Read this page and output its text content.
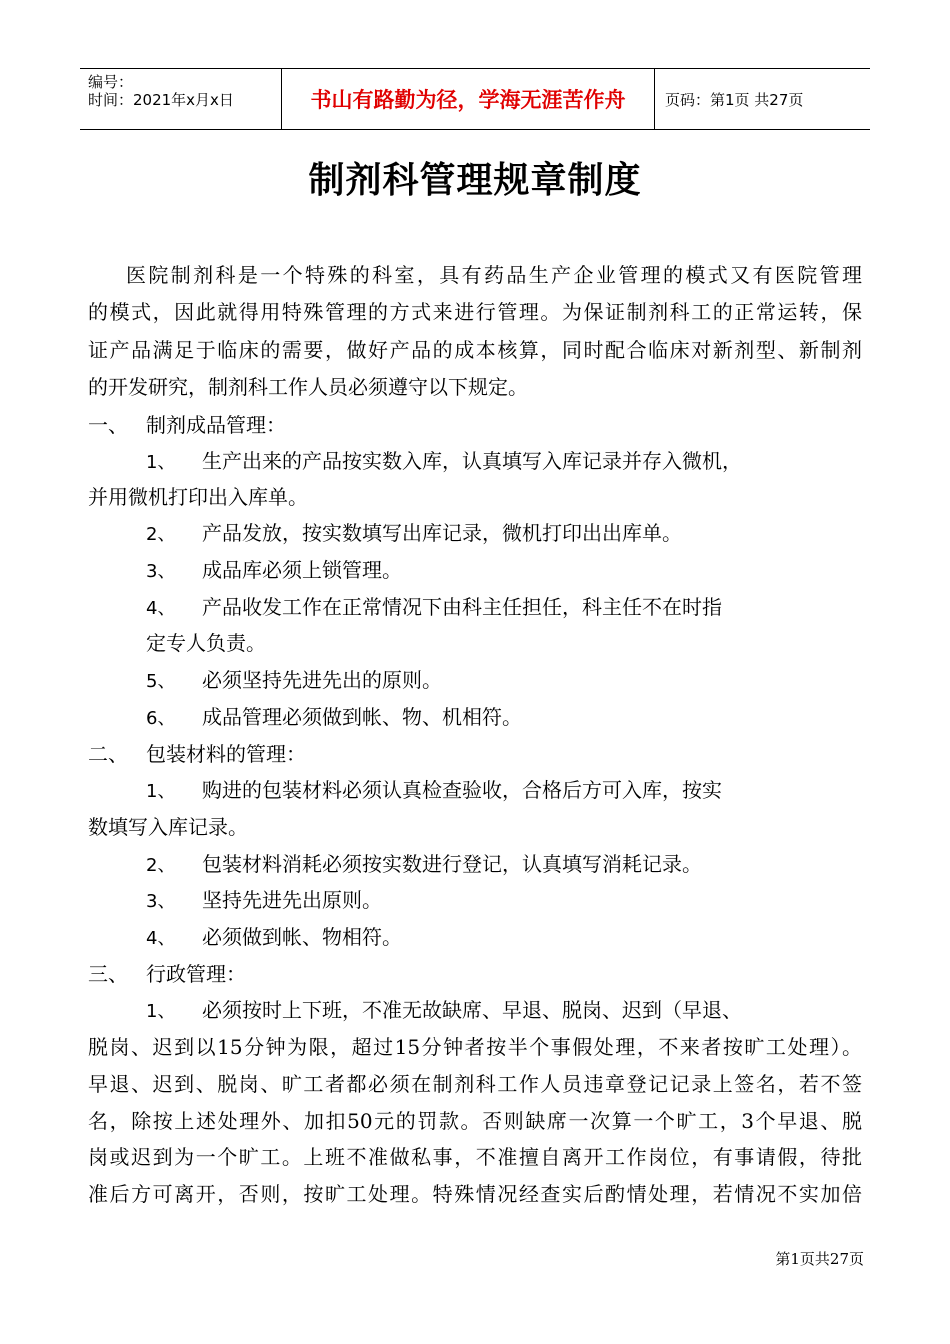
编号：
时间：2021年x月x日	书山有路勤为径，学海无涯苦作舟	页码：第1页 共27页
制剂科管理规章制度
医院制剂科是一个特殊的科室，具有药品生产企业管理的模式又有医院管理
的模式，因此就得用特殊管理的方式来进行管理。为保证制剂科工的正常运转，保
证产品满足于临床的需要，做好产品的成本核算，同时配合临床对新剂型、新制剂
的开发研究，制剂科工作人员必须遵守以下规定。
一、 制剂成品管理：
1、 生产出来的产品按实数入库，认真填写入库记录并存入微机，
并用微机打印出入库单。
2、 产品发放，按实数填写出库记录，微机打印出出库单。
3、 成品库必须上锁管理。
4、 产品收发工作在正常情况下由科主任担任，科主任不在时指
定专人负责。
5、 必须坚持先进先出的原则。
6、 成品管理必须做到帐、物、机相符。
二、 包装材料的管理：
1、 购进的包装材料必须认真检查验收，合格后方可入库，按实
数填写入库记录。
2、 包装材料消耗必须按实数进行登记，认真填写消耗记录。
3、 坚持先进先出原则。
4、 必须做到帐、物相符。
三、 行政管理：
1、 必须按时上下班，不准无故缺席、早退、脱岗、迟到（早退、
脱岗、迟到以15分钟为限，超过15分钟者按半个事假处理，不来者按旷工处理）。
早退、迟到、脱岗、旷工者都必须在制剂科工作人员违章登记记录上签名，若不签
名，除按上述处理外、加扣50元的罚款。否则缺席一次算一个旷工，3个早退、脱
岗或迟到为一个旷工。上班不准做私事，不准擅自离开工作岗位，有事请假，待批
准后方可离开，否则，按旷工处理。特殊情况经查实后酌情处理，若情况不实加倍
第1页共27页
